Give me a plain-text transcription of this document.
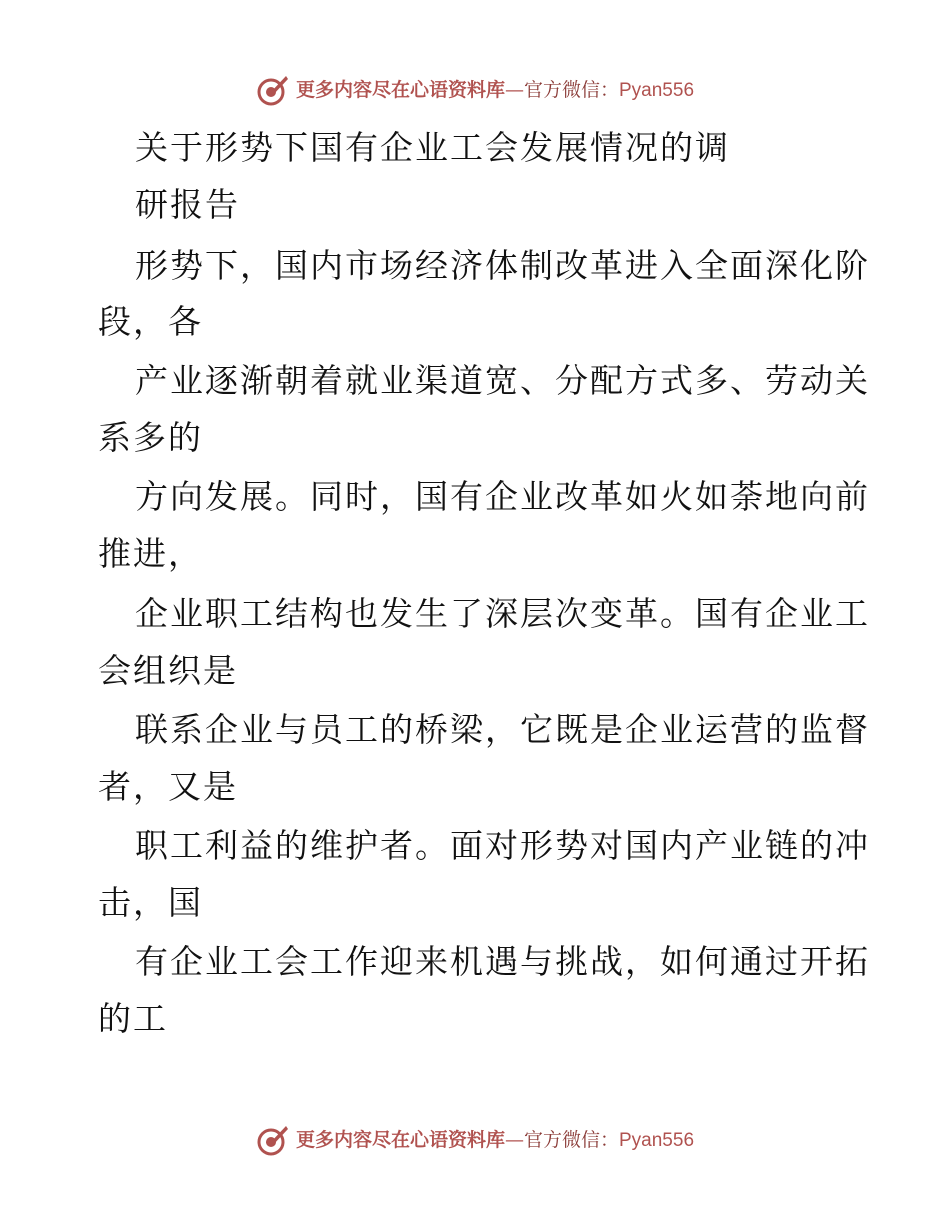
更多内容尽在心语资料库 — 官方微信： Pyan556
关于形势下国有企业工会发展情况的调
研报告
形势下，国内市场经济体制改革进入全面深化阶
段，各
产业逐渐朝着就业渠道宽、分配方式多、劳动关
系多的
方向发展。同时，国有企业改革如火如荼地向前
推进，
企业职工结构也发生了深层次变革。国有企业工
会组织是
联系企业与员工的桥梁，它既是企业运营的监督
者，又是
职工利益的维护者。面对形势对国内产业链的冲
击，国
有企业工会工作迎来机遇与挑战，如何通过开拓
的工
更多内容尽在心语资料库 — 官方微信： Pyan556
